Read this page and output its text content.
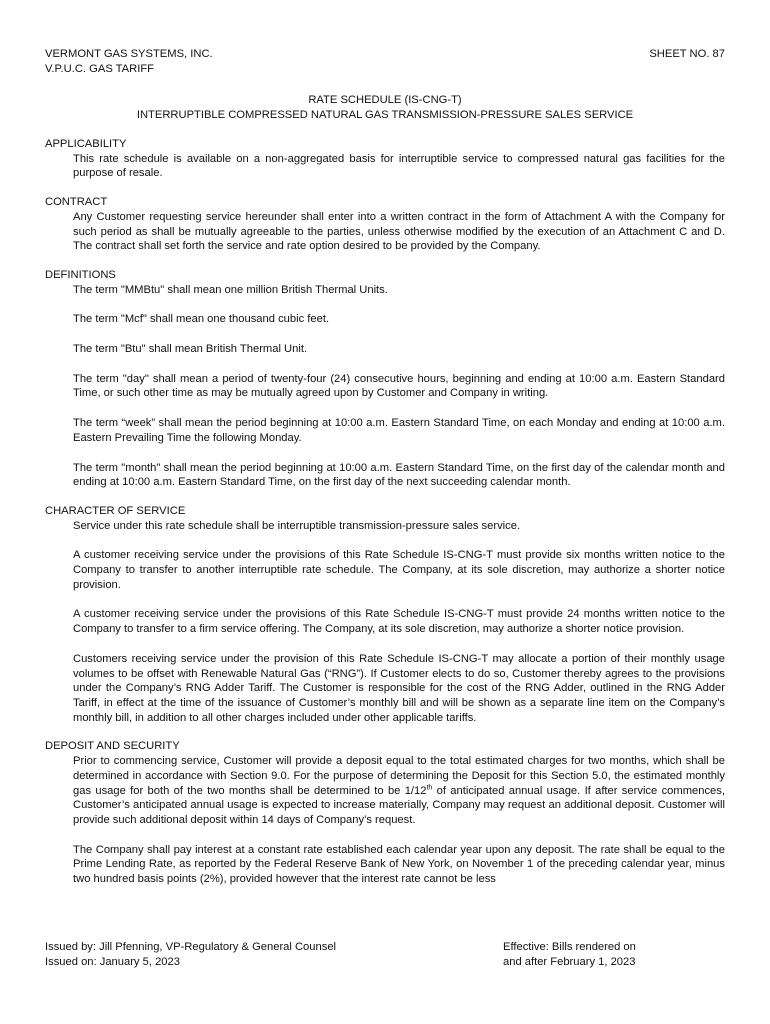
VERMONT GAS SYSTEMS, INC.
V.P.U.C. GAS TARIFF
SHEET NO. 87
RATE SCHEDULE (IS-CNG-T)
INTERRUPTIBLE COMPRESSED NATURAL GAS TRANSMISSION-PRESSURE SALES SERVICE
APPLICABILITY

This rate schedule is available on a non-aggregated basis for interruptible service to compressed natural gas facilities for the purpose of resale.

CONTRACT

Any Customer requesting service hereunder shall enter into a written contract in the form of Attachment A with the Company for such period as shall be mutually agreeable to the parties, unless otherwise modified by the execution of an Attachment C and D. The contract shall set forth the service and rate option desired to be provided by the Company.

DEFINITIONS

The term "MMBtu" shall mean one million British Thermal Units.

The term "Mcf" shall mean one thousand cubic feet.

The term "Btu" shall mean British Thermal Unit.

The term "day" shall mean a period of twenty-four (24) consecutive hours, beginning and ending at 10:00 a.m. Eastern Standard Time, or such other time as may be mutually agreed upon by Customer and Company in writing.

The term “week” shall mean the period beginning at 10:00 a.m. Eastern Standard Time, on each Monday and ending at 10:00 a.m. Eastern Prevailing Time the following Monday.

The term "month" shall mean the period beginning at 10:00 a.m. Eastern Standard Time, on the first day of the calendar month and ending at 10:00 a.m. Eastern Standard Time, on the first day of the next succeeding calendar month.

CHARACTER OF SERVICE

Service under this rate schedule shall be interruptible transmission-pressure sales service.

A customer receiving service under the provisions of this Rate Schedule IS-CNG-T must provide six months written notice to the Company to transfer to another interruptible rate schedule. The Company, at its sole discretion, may authorize a shorter notice provision.

A customer receiving service under the provisions of this Rate Schedule IS-CNG-T must provide 24 months written notice to the Company to transfer to a firm service offering. The Company, at its sole discretion, may authorize a shorter notice provision.

Customers receiving service under the provision of this Rate Schedule IS-CNG-T may allocate a portion of their monthly usage volumes to be offset with Renewable Natural Gas (“RNG”). If Customer elects to do so, Customer thereby agrees to the provisions under the Company’s RNG Adder Tariff. The Customer is responsible for the cost of the RNG Adder, outlined in the RNG Adder Tariff, in effect at the time of the issuance of Customer’s monthly bill and will be shown as a separate line item on the Company’s monthly bill, in addition to all other charges included under other applicable tariffs.

DEPOSIT AND SECURITY

Prior to commencing service, Customer will provide a deposit equal to the total estimated charges for two months, which shall be determined in accordance with Section 9.0. For the purpose of determining the Deposit for this Section 5.0, the estimated monthly gas usage for both of the two months shall be determined to be 1/12th of anticipated annual usage. If after service commences, Customer’s anticipated annual usage is expected to increase materially, Company may request an additional deposit. Customer will provide such additional deposit within 14 days of Company’s request.

The Company shall pay interest at a constant rate established each calendar year upon any deposit. The rate shall be equal to the Prime Lending Rate, as reported by the Federal Reserve Bank of New York, on November 1 of the preceding calendar year, minus two hundred basis points (2%), provided however that the interest rate cannot be less

Issued by: Jill Pfenning, VP-Regulatory & General Counsel
Issued on: January 5, 2023
Effective: Bills rendered on
and after February 1, 2023
